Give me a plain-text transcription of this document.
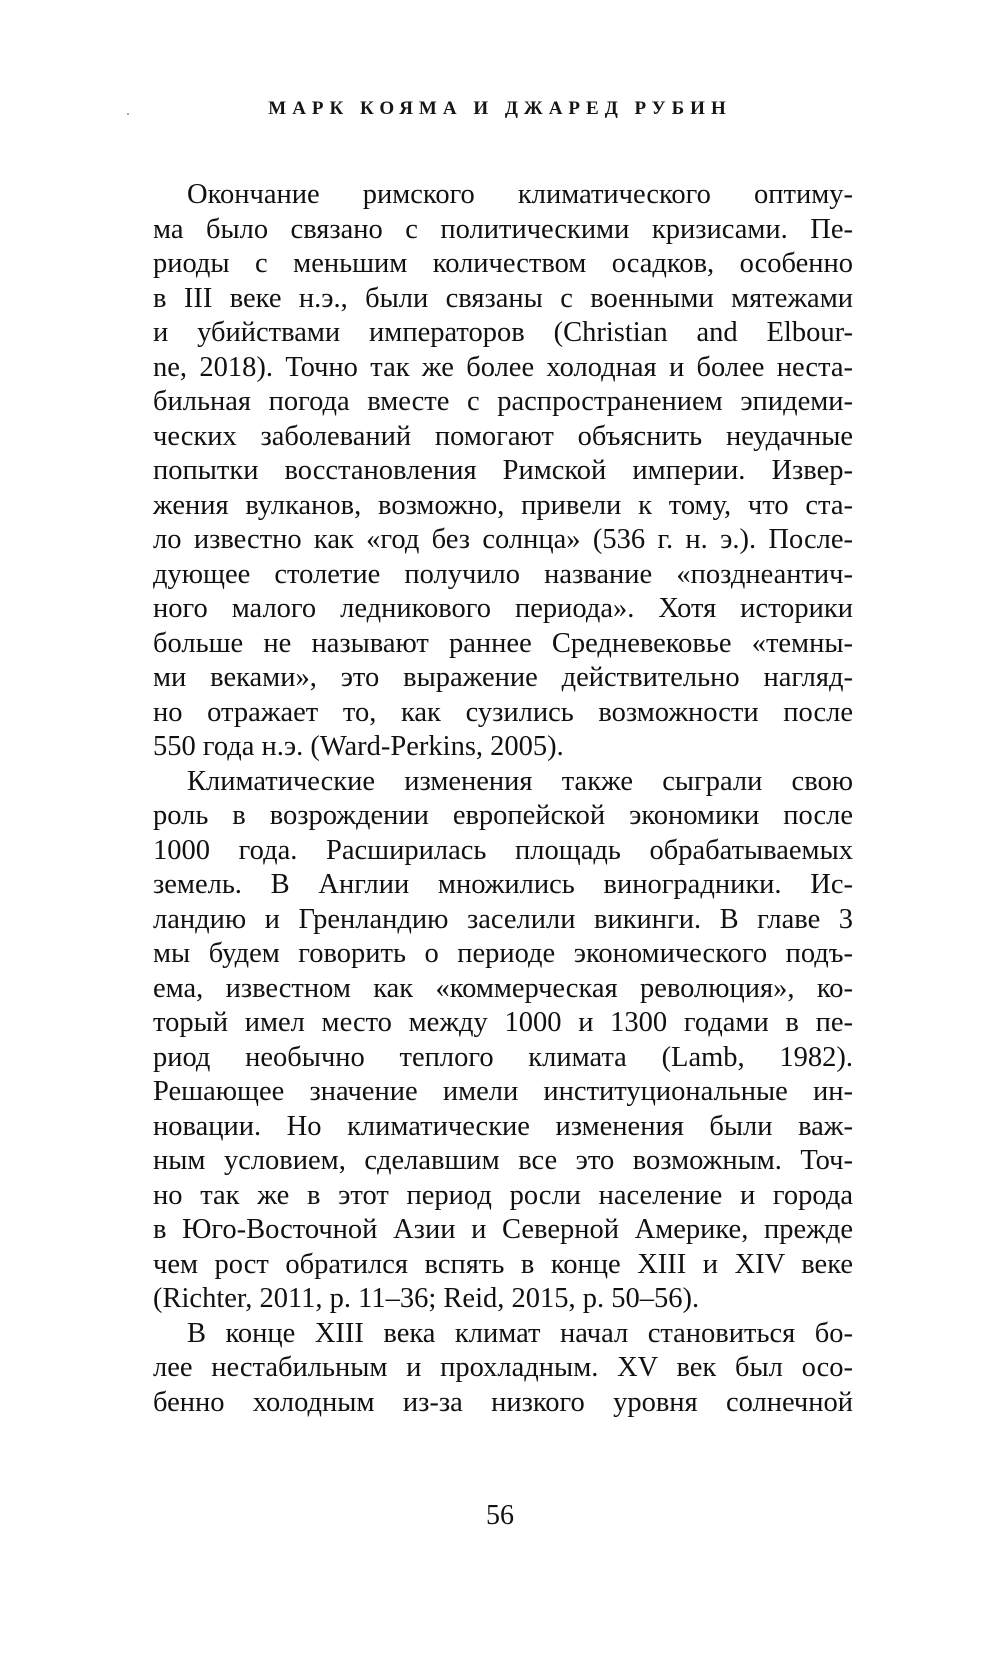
МАРК КОЯМА И ДЖАРЕД РУБИН
Окончание римского климатического оптиму-
ма было связано с политическими кризисами. Пе-
риоды с меньшим количеством осадков, особенно
в III веке н.э., были связаны с военными мятежами
и убийствами императоров (Christian and Elbour-
ne, 2018). Точно так же более холодная и более неста-
бильная погода вместе с распространением эпидеми-
ческих заболеваний помогают объяснить неудачные
попытки восстановления Римской империи. Извер-
жения вулканов, возможно, привели к тому, что ста-
ло известно как «год без солнца» (536 г. н. э.). После-
дующее столетие получило название «позднеантич-
ного малого ледникового периода». Хотя историки
больше не называют раннее Средневековье «темны-
ми веками», это выражение действительно нагляд-
но отражает то, как сузились возможности после
550 года н.э. (Ward-Perkins, 2005).
Климатические изменения также сыграли свою
роль в возрождении европейской экономики после
1000 года. Расширилась площадь обрабатываемых
земель. В Англии множились виноградники. Ис-
ландию и Гренландию заселили викинги. В главе 3
мы будем говорить о периоде экономического подъ-
ема, известном как «коммерческая революция», ко-
торый имел место между 1000 и 1300 годами в пе-
риод необычно теплого климата (Lamb, 1982).
Решающее значение имели институциональные ин-
новации. Но климатические изменения были важ-
ным условием, сделавшим все это возможным. Точ-
но так же в этот период росли население и города
в Юго-Восточной Азии и Северной Америке, прежде
чем рост обратился вспять в конце XIII и XIV веке
(Richter, 2011, p. 11–36; Reid, 2015, p. 50–56).
В конце XIII века климат начал становиться бо-
лее нестабильным и прохладным. XV век был осо-
бенно холодным из-за низкого уровня солнечной
56
